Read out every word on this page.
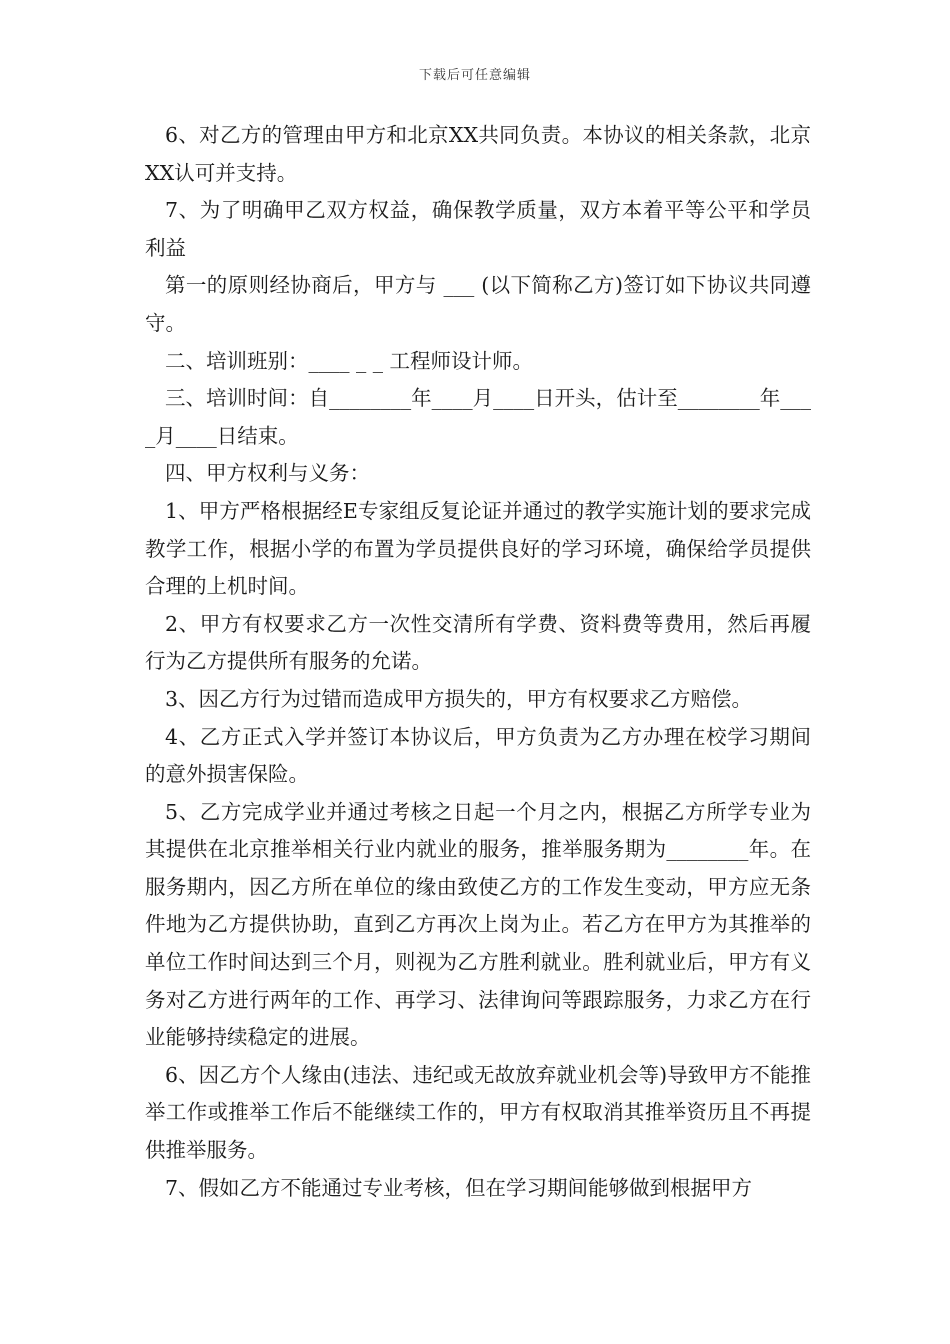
下载后可任意编辑

6、对乙方的管理由甲方和北京XX共同负责。本协议的相关条款，北京XX认可并支持。

7、为了明确甲乙双方权益，确保教学质量，双方本着平等公平和学员利益

第一的原则经协商后，甲方与 ___ (以下简称乙方)签订如下协议共同遵守。

二、培训班别：____ _ _ 工程师设计师。

三、培训时间：自________年____月____日开头，估计至________年____月____日结束。

四、甲方权利与义务：

1、甲方严格根据经E专家组反复论证并通过的教学实施计划的要求完成教学工作，根据小学的布置为学员提供良好的学习环境，确保给学员提供合理的上机时间。

2、甲方有权要求乙方一次性交清所有学费、资料费等费用，然后再履行为乙方提供所有服务的允诺。

3、因乙方行为过错而造成甲方损失的，甲方有权要求乙方赔偿。

4、乙方正式入学并签订本协议后，甲方负责为乙方办理在校学习期间的意外损害保险。

5、乙方完成学业并通过考核之日起一个月之内，根据乙方所学专业为其提供在北京推举相关行业内就业的服务，推举服务期为________年。在服务期内，因乙方所在单位的缘由致使乙方的工作发生变动，甲方应无条件地为乙方提供协助，直到乙方再次上岗为止。若乙方在甲方为其推举的单位工作时间达到三个月，则视为乙方胜利就业。胜利就业后，甲方有义务对乙方进行两年的工作、再学习、法律询问等跟踪服务，力求乙方在行业能够持续稳定的进展。

6、因乙方个人缘由(违法、违纪或无故放弃就业机会等)导致甲方不能推举工作或推举工作后不能继续工作的，甲方有权取消其推举资历且不再提供推举服务。

7、假如乙方不能通过专业考核，但在学习期间能够做到根据甲方
